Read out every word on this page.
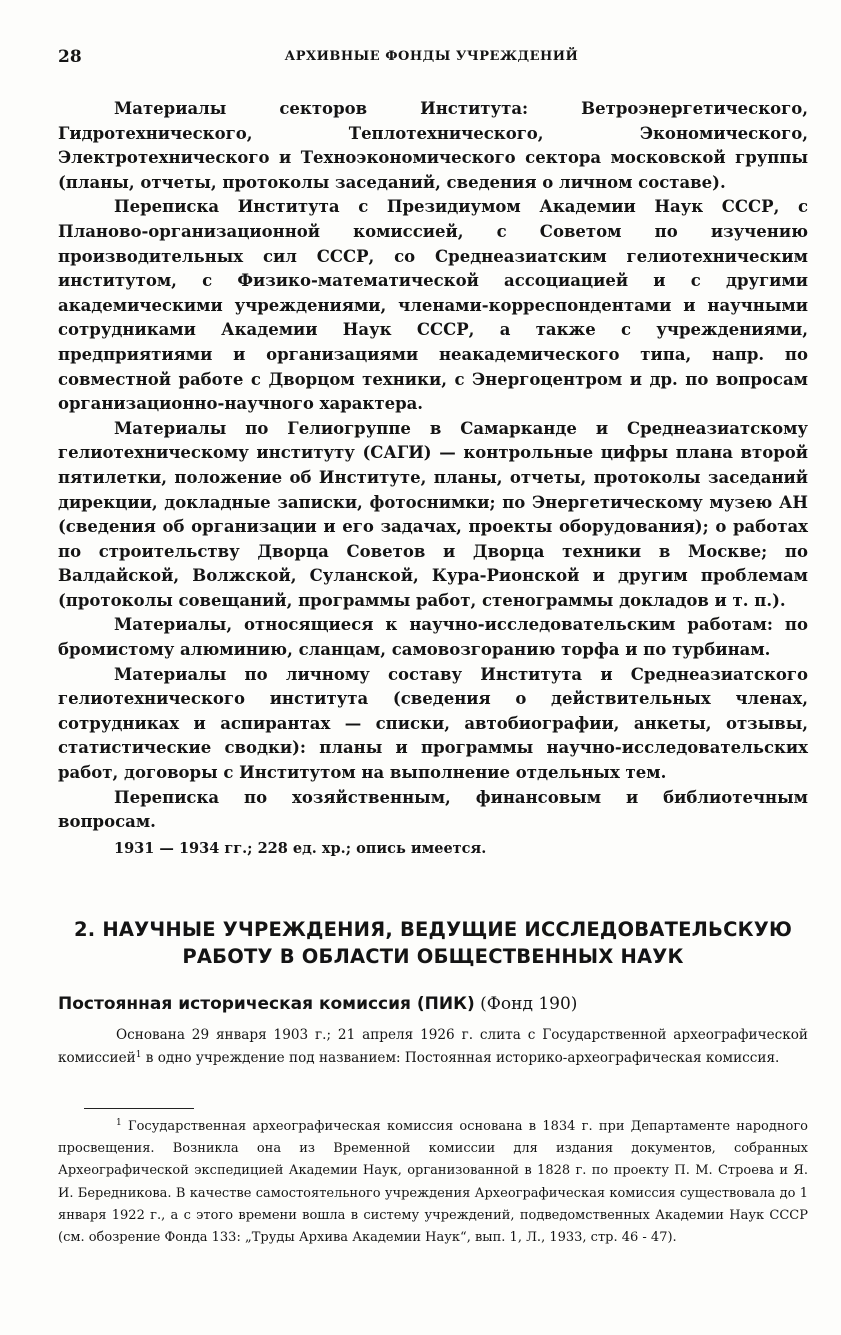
28	АРХИВНЫЕ ФОНДЫ УЧРЕЖДЕНИЙ

Материалы секторов Института: Ветроэнергетического, Гидротехнического, Теплотехнического, Экономического, Электротехнического и Технoэкономического сектора московской группы (планы, отчеты, протоколы заседаний, сведения о личном составе).

Переписка Института с Президиумом Академии Наук СССР, с Планово-организационной комиссией, с Советом по изучению производительных сил СССР, со Среднеазиатским гелиотехническим институтом, с Физико-математической ассоциацией и с другими академическими учреждениями, членами-корреспондентами и научными сотрудниками Академии Наук СССР, а также с учреждениями, предприятиями и организациями неакадемического типа, напр. по совместной работе с Дворцом техники, с Энергоцентром и др. по вопросам организационно-научного характера.

Материалы по Гелиогруппе в Самарканде и Среднеазиатскому гелиотехническому институту (САГИ) — контрольные цифры плана второй пятилетки, положение об Институте, планы, отчеты, протоколы заседаний дирекции, докладные записки, фотоснимки; по Энергетическому музею АН (сведения об организации и его задачах, проекты оборудования); о работах по строительству Дворца Советов и Дворца техники в Москве; по Валдайской, Волжской, Суланской, Кура-Рионской и другим проблемам (протоколы совещаний, программы работ, стенограммы докладов и т. п.).

Материалы, относящиеся к научно-исследовательским работам: по бромистому алюминию, сланцам, самовозгоранию торфа и по турбинам.

Материалы по личному составу Института и Среднеазиатского гелиотехнического института (сведения о действительных членах, сотрудниках и аспирантах — списки, автобиографии, анкеты, отзывы, статистические сводки): планы и программы научно-исследовательских работ, договоры с Институтом на выполнение отдельных тем.

Переписка по хозяйственным, финансовым и библиотечным вопросам.

1931 — 1934 гг.; 228 ед. хр.; опись имеется.

2. НАУЧНЫЕ УЧРЕЖДЕНИЯ, ВЕДУЩИЕ ИССЛЕДОВАТЕЛЬСКУЮ РАБОТУ В ОБЛАСТИ ОБЩЕСТВЕННЫХ НАУК
Постоянная историческая комиссия (ПИК) (Фонд 190)

Основана 29 января 1903 г.; 21 апреля 1926 г. слита с Государственной археографической комиссией$^1$ в одно учреждение под названием: Постоянная историко-археографическая комиссия.

$^1$ Государственная археографическая комиссия основана в 1834 г. при Департаменте народного просвещения. Возникла она из Временной комиссии для издания документов, собранных Археографической экспедицией Академии Наук, организованной в 1828 г. по проекту П. М. Строева и Я. И. Бередникова. В качестве самостоятельного учреждения Археографическая комиссия существовала до 1 января 1922 г., а с этого времени вошла в систему учреждений, подведомственных Академии Наук СССР (см. обозрение Фонда 133: „Труды Архива Академии Наук“, вып. 1, Л., 1933, стр. 46 - 47).
